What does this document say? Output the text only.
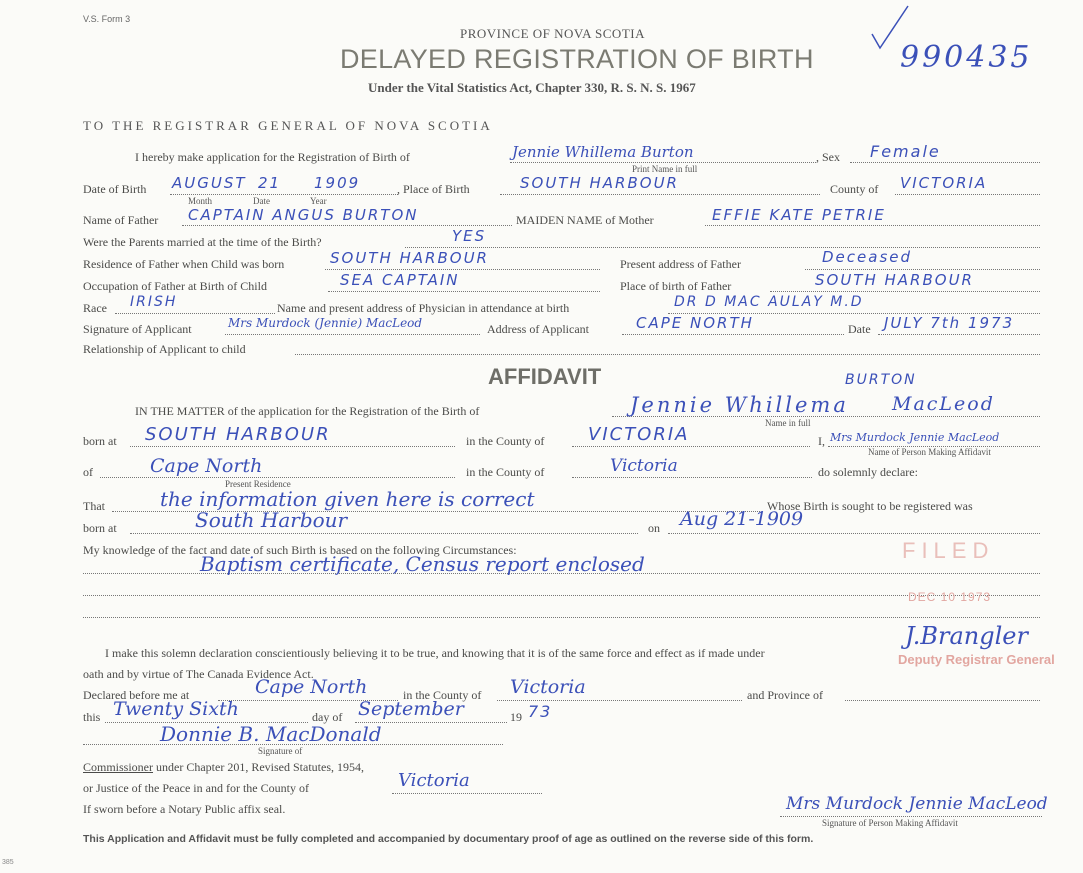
V.S. Form 3
PROVINCE OF NOVA SCOTIA
DELAYED REGISTRATION OF BIRTH
Under the Vital Statistics Act, Chapter 330, R. S. N. S. 1967
990435
TO THE REGISTRAR GENERAL OF NOVA SCOTIA
I hereby make application for the Registration of Birth of	Jennie Whillema Burton
Print Name in full
, Sex Female
Date of Birth AUGUST 21 1909
Month	Date	Year
, Place of Birth	SOUTH HARBOUR	County of VICTORIA
Name of Father CAPTAIN ANGUS BURTON	MAIDEN NAME of Mother	EFFIE KATE PETRIE
Were the Parents married at the time of the Birth?	YES
Residence of Father when Child was born	SOUTH HARBOUR	Present address of Father	Deceased
Occupation of Father at Birth of Child	SEA CAPTAIN	Place of birth of Father	SOUTH HARBOUR
Race IRISH	Name and present address of Physician in attendance at birth	DR D MAC AULAY M.D
Signature of Applicant	Mrs Murdock (Jennie) MacLeod	Address of Applicant	CAPE NORTH	Date JULY 7th 1973
Relationship of Applicant to child
AFFIDAVIT	BURTON
IN THE MATTER of the application for the Registration of the Birth of	Jennie Whillema MacLeod
Name in full
born at SOUTH HARBOUR	in the County of VICTORIA	I, Mrs Murdock Jennie MacLeod
Name of Person Making Affidavit
of	Cape North
Present Residence
in the County of	Victoria	do solemnly declare:
That	the information given here is correct	Whose Birth is sought to be registered was
born at	South Harbour	on Aug 21-1909
My knowledge of the fact and date of such Birth is based on the following Circumstances:
Baptism certificate, Census report enclosed
FILED
DEC 10 1973
Deputy Registrar General
J.Brangler
I make this solemn declaration conscientiously believing it to be true, and knowing that it is of the same force and effect as if made under
oath and by virtue of The Canada Evidence Act.
Declared before me at	Cape North	in the County of Victoria	and Province of
this Twenty Sixth	day of September	19 73
Donnie B. MacDonald
Signature of
Commissioner under Chapter 201, Revised Statutes, 1954,
or Justice of the Peace in and for the County of	Victoria
If sworn before a Notary Public affix seal.	Mrs Murdock Jennie MacLeod
Signature of Person Making Affidavit
This Application and Affidavit must be fully completed and accompanied by documentary proof of age as outlined on the reverse side of this form.
385
